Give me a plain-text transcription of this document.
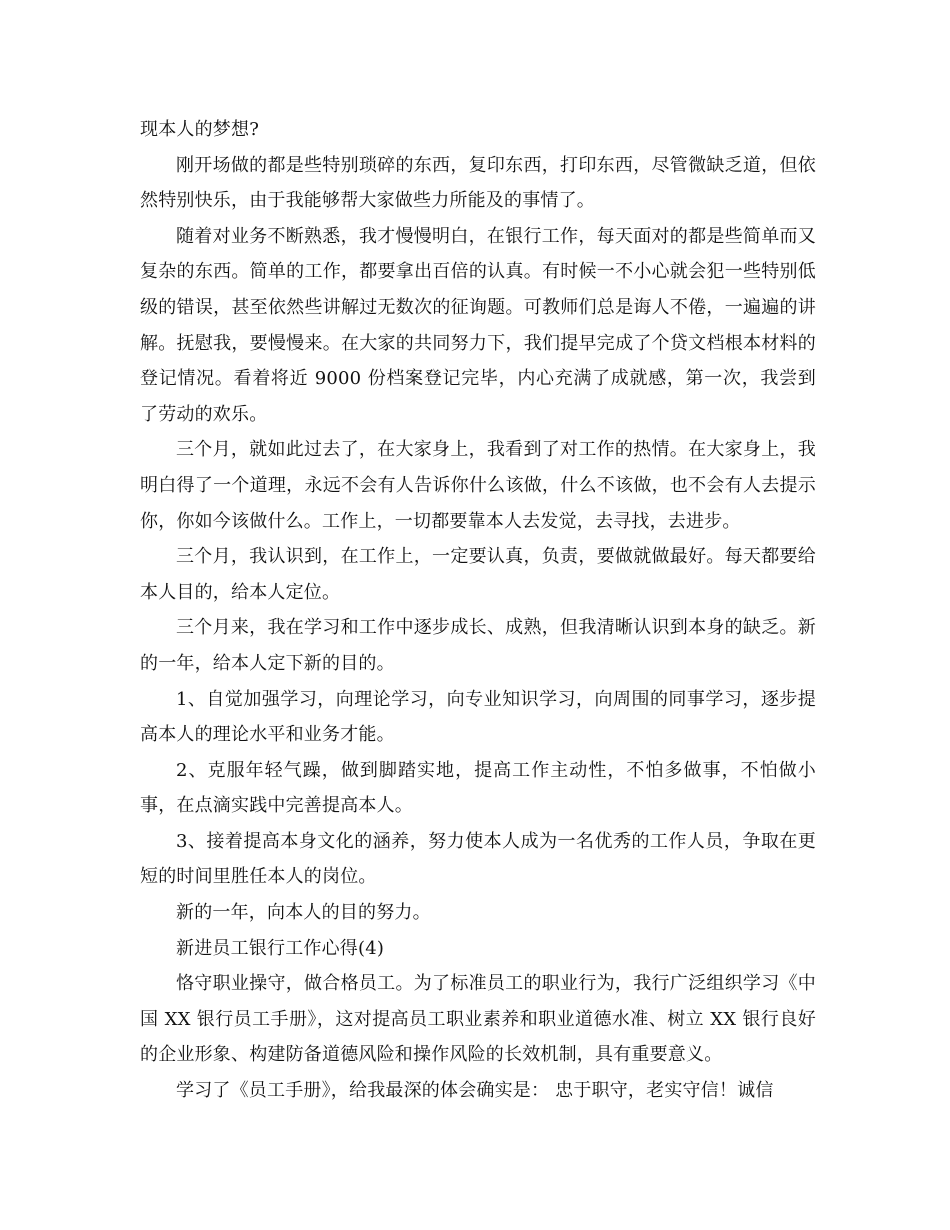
现本人的梦想?

刚开场做的都是些特别琐碎的东西，复印东西，打印东西，尽管微缺乏道，但依然特别快乐，由于我能够帮大家做些力所能及的事情了。

随着对业务不断熟悉，我才慢慢明白，在银行工作，每天面对的都是些简单而又复杂的东西。简单的工作，都要拿出百倍的认真。有时候一不小心就会犯一些特别低级的错误，甚至依然些讲解过无数次的征询题。可教师们总是诲人不倦，一遍遍的讲解。抚慰我，要慢慢来。在大家的共同努力下，我们提早完成了个贷文档根本材料的登记情况。看着将近 9000 份档案登记完毕，内心充满了成就感，第一次，我尝到了劳动的欢乐。

三个月，就如此过去了，在大家身上，我看到了对工作的热情。在大家身上，我明白得了一个道理，永远不会有人告诉你什么该做，什么不该做，也不会有人去提示你，你如今该做什么。工作上，一切都要靠本人去发觉，去寻找，去进步。

三个月，我认识到，在工作上，一定要认真，负责，要做就做最好。每天都要给本人目的，给本人定位。

三个月来，我在学习和工作中逐步成长、成熟，但我清晰认识到本身的缺乏。新的一年，给本人定下新的目的。

1、自觉加强学习，向理论学习，向专业知识学习，向周围的同事学习，逐步提高本人的理论水平和业务才能。

2、克服年轻气躁，做到脚踏实地，提高工作主动性，不怕多做事，不怕做小事，在点滴实践中完善提高本人。

3、接着提高本身文化的涵养，努力使本人成为一名优秀的工作人员，争取在更短的时间里胜任本人的岗位。

新的一年，向本人的目的努力。

新进员工银行工作心得(4)

恪守职业操守，做合格员工。为了标准员工的职业行为，我行广泛组织学习《中国 XX 银行员工手册》，这对提高员工职业素养和职业道德水准、树立 XX 银行良好的企业形象、构建防备道德风险和操作风险的长效机制，具有重要意义。

学习了《员工手册》，给我最深的体会确实是： 忠于职守，老实守信！诚信
